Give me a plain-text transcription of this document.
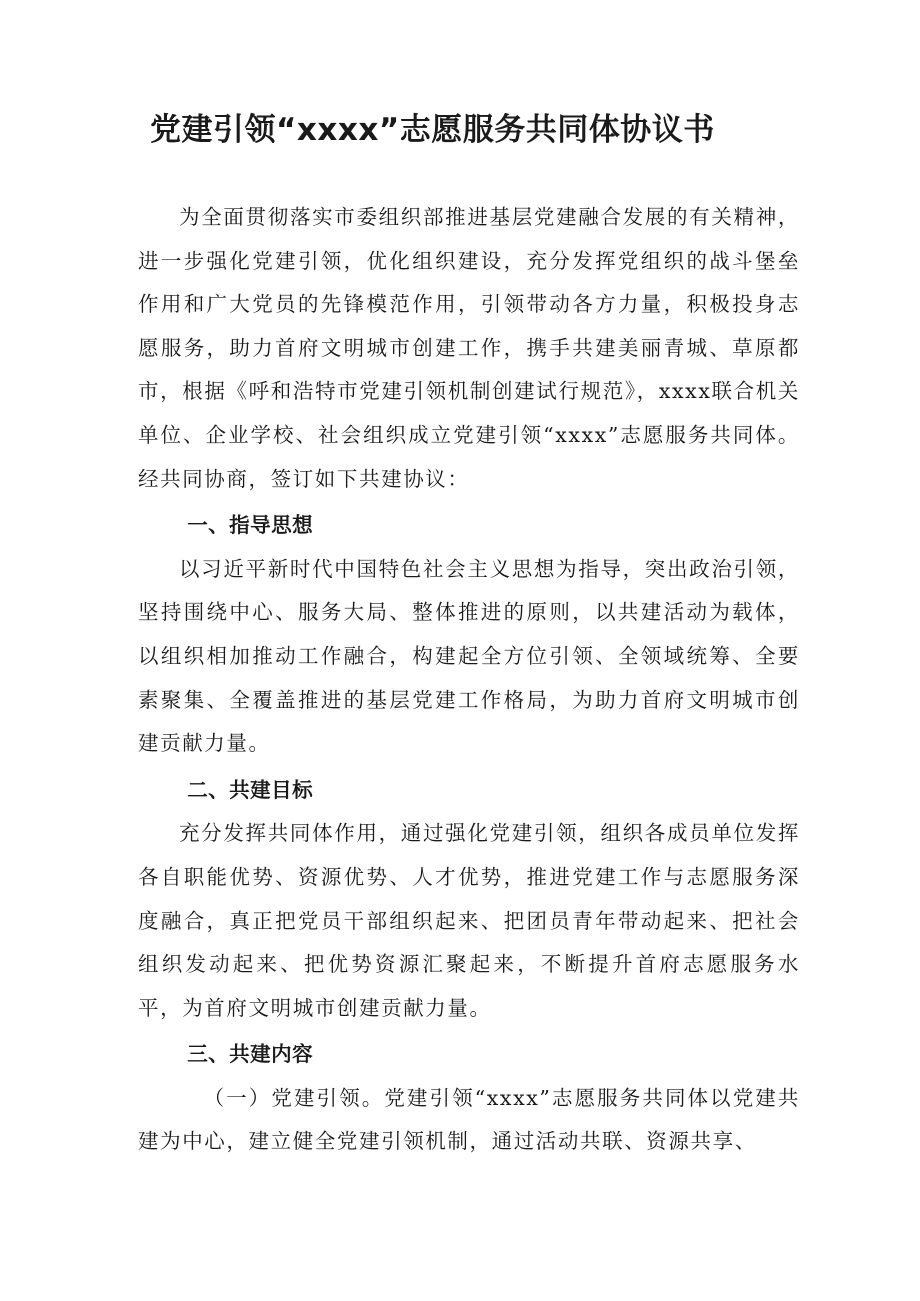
党建引领“xxxx”志愿服务共同体协议书

为全面贯彻落实市委组织部推进基层党建融合发展的有关精神，进一步强化党建引领，优化组织建设，充分发挥党组织的战斗堡垒作用和广大党员的先锋模范作用，引领带动各方力量，积极投身志愿服务，助力首府文明城市创建工作，携手共建美丽青城、草原都市，根据《呼和浩特市党建引领机制创建试行规范》，xxxx联合机关单位、企业学校、社会组织成立党建引领“xxxx”志愿服务共同体。经共同协商，签订如下共建协议：

一、指导思想

以习近平新时代中国特色社会主义思想为指导，突出政治引领，坚持围绕中心、服务大局、整体推进的原则，以共建活动为载体，以组织相加推动工作融合，构建起全方位引领、全领域统筹、全要素聚集、全覆盖推进的基层党建工作格局，为助力首府文明城市创建贡献力量。

二、共建目标

充分发挥共同体作用，通过强化党建引领，组织各成员单位发挥各自职能优势、资源优势、人才优势，推进党建工作与志愿服务深度融合，真正把党员干部组织起来、把团员青年带动起来、把社会组织发动起来、把优势资源汇聚起来，不断提升首府志愿服务水平，为首府文明城市创建贡献力量。

三、共建内容

（一）党建引领。党建引领“xxxx”志愿服务共同体以党建共建为中心，建立健全党建引领机制，通过活动共联、资源共享、
